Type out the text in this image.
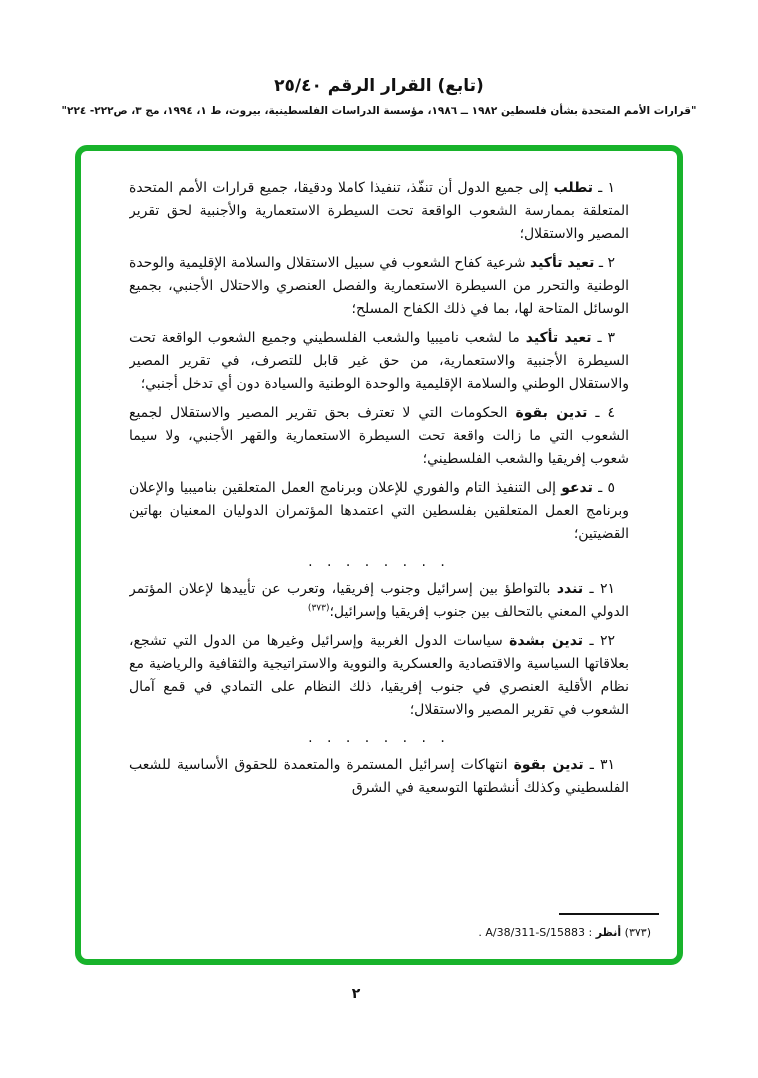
(تابع) القرار الرقم ٢٥/٤٠
"قرارات الأمم المتحدة بشأن فلسطين ١٩٨٢ ــ ١٩٨٦، مؤسسة الدراسات الفلسطينية، بيروت، ط ١، ١٩٩٤، مج ٣، ص٢٢٢- ٢٢٤"

١ ـ تطلب إلى جميع الدول أن تنفّذ، تنفيذا كاملا ودقيقا، جميع قرارات الأمم المتحدة المتعلقة بممارسة الشعوب الواقعة تحت السيطرة الاستعمارية والأجنبية لحق تقرير المصير والاستقلال؛

٢ ـ تعيد تأكيد شرعية كفاح الشعوب في سبيل الاستقلال والسلامة الإقليمية والوحدة الوطنية والتحرر من السيطرة الاستعمارية والفصل العنصري والاحتلال الأجنبي، بجميع الوسائل المتاحة لها، بما في ذلك الكفاح المسلح؛

٣ ـ تعيد تأكيد ما لشعب ناميبيا والشعب الفلسطيني وجميع الشعوب الواقعة تحت السيطرة الأجنبية والاستعمارية، من حق غير قابل للتصرف، في تقرير المصير والاستقلال الوطني والسلامة الإقليمية والوحدة الوطنية والسيادة دون أي تدخل أجنبي؛

٤ ـ تدين بقوة الحكومات التي لا تعترف بحق تقرير المصير والاستقلال لجميع الشعوب التي ما زالت واقعة تحت السيطرة الاستعمارية والقهر الأجنبي، ولا سيما شعوب إفريقيا والشعب الفلسطيني؛

٥ ـ تدعو إلى التنفيذ التام والفوري للإعلان وبرنامج العمل المتعلقين بناميبيا والإعلان وبرنامج العمل المتعلقين بفلسطين التي اعتمدها المؤتمران الدوليان المعنيان بهاتين القضيتين؛

. . . . . . . .

٢١ ـ تندد بالتواطؤ بين إسرائيل وجنوب إفريقيا، وتعرب عن تأييدها لإعلان المؤتمر الدولي المعني بالتحالف بين جنوب إفريقيا وإسرائيل؛$^{(٣٧٣)}$

٢٢ ـ تدين بشدة سياسات الدول الغربية وإسرائيل وغيرها من الدول التي تشجع، بعلاقاتها السياسية والاقتصادية والعسكرية والنووية والاستراتيجية والثقافية والرياضية مع نظام الأقلية العنصري في جنوب إفريقيا، ذلك النظام على التمادي في قمع آمال الشعوب في تقرير المصير والاستقلال؛

. . . . . . . .

٣١ ـ تدين بقوة انتهاكات إسرائيل المستمرة والمتعمدة للحقوق الأساسية للشعب الفلسطيني وكذلك أنشطتها التوسعية في الشرق

(٣٧٣) أنظر : A/38/311-S/15883 .
٢
